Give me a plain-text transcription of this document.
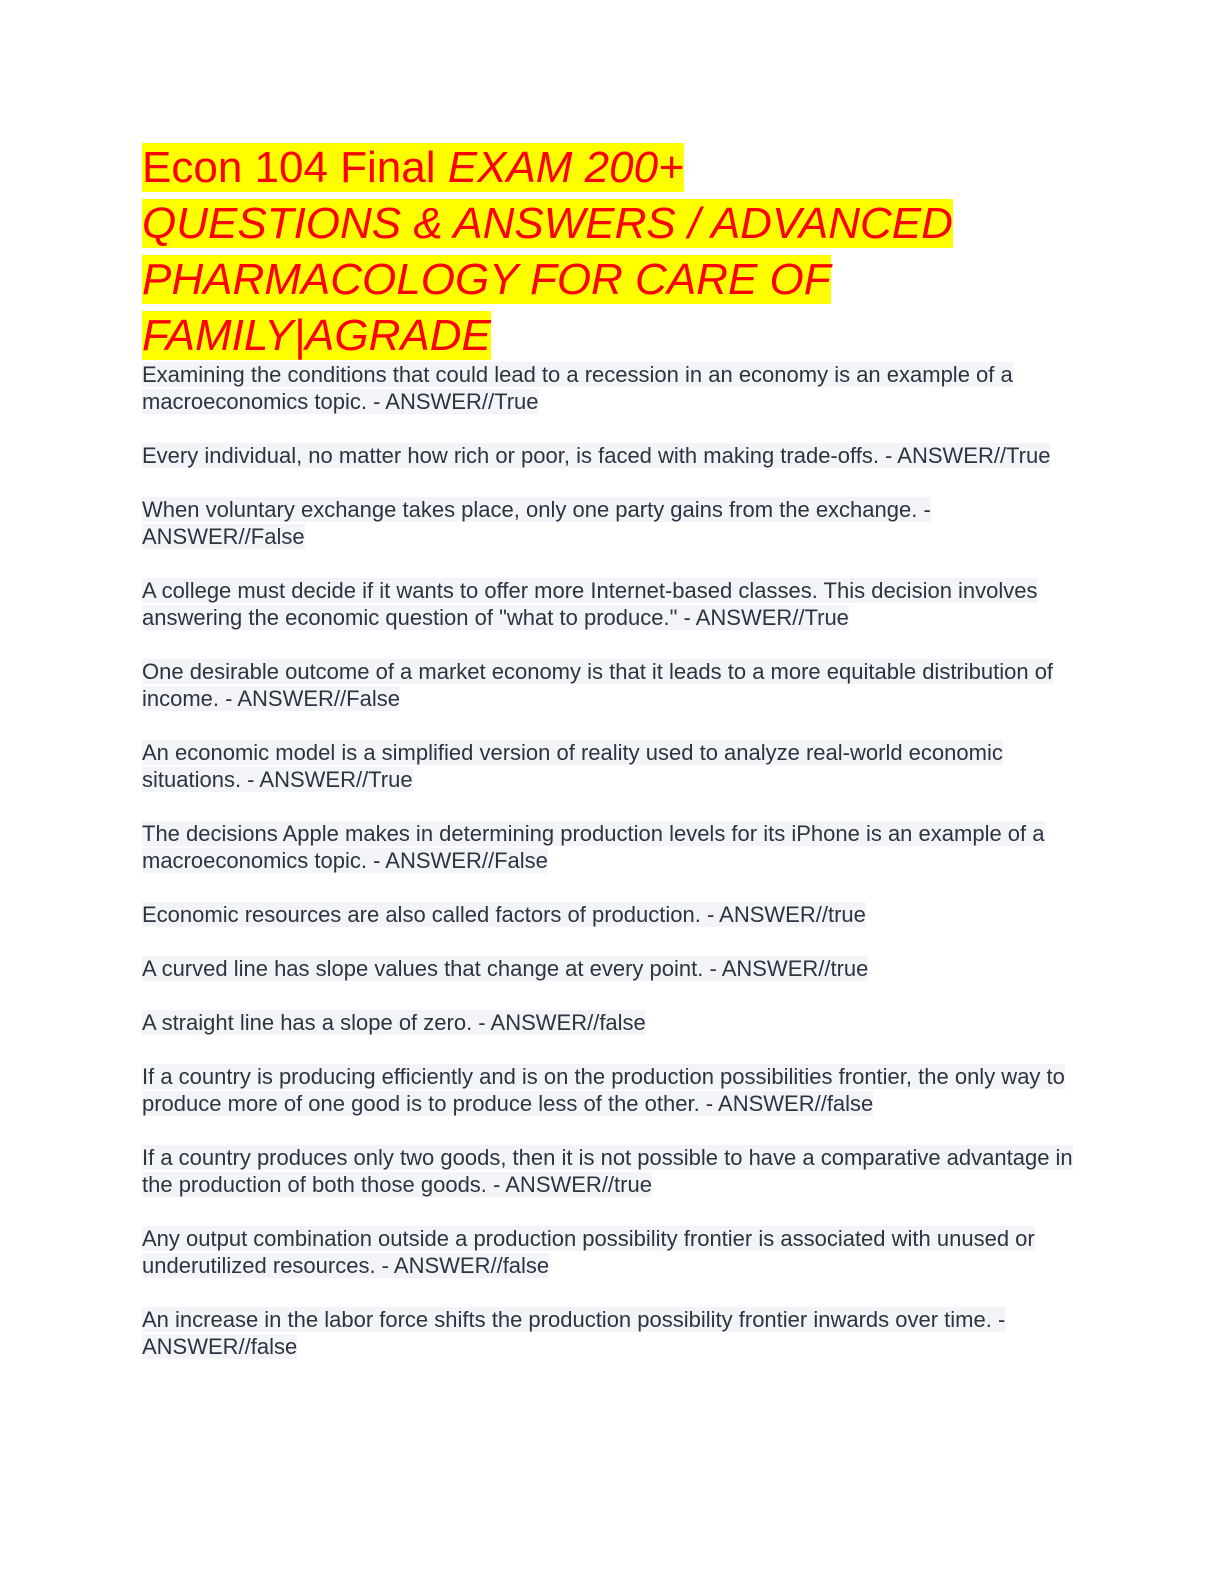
Econ 104 Final EXAM 200+
QUESTIONS & ANSWERS / ADVANCED PHARMACOLOGY FOR CARE OF FAMILY|AGRADE
Examining the conditions that could lead to a recession in an economy is an example of a macroeconomics topic. - ANSWER//True
Every individual, no matter how rich or poor, is faced with making trade-offs. - ANSWER//True
When voluntary exchange takes place, only one party gains from the exchange. - ANSWER//False
A college must decide if it wants to offer more Internet-based classes. This decision involves answering the economic question of "what to produce." - ANSWER//True
One desirable outcome of a market economy is that it leads to a more equitable distribution of income. - ANSWER//False
An economic model is a simplified version of reality used to analyze real-world economic situations. - ANSWER//True
The decisions Apple makes in determining production levels for its iPhone is an example of a macroeconomics topic. - ANSWER//False
Economic resources are also called factors of production. - ANSWER//true
A curved line has slope values that change at every point. - ANSWER//true
A straight line has a slope of zero. - ANSWER//false
If a country is producing efficiently and is on the production possibilities frontier, the only way to produce more of one good is to produce less of the other. - ANSWER//false
If a country produces only two goods, then it is not possible to have a comparative advantage in the production of both those goods. - ANSWER//true
Any output combination outside a production possibility frontier is associated with unused or underutilized resources. - ANSWER//false
An increase in the labor force shifts the production possibility frontier inwards over time. - ANSWER//false
